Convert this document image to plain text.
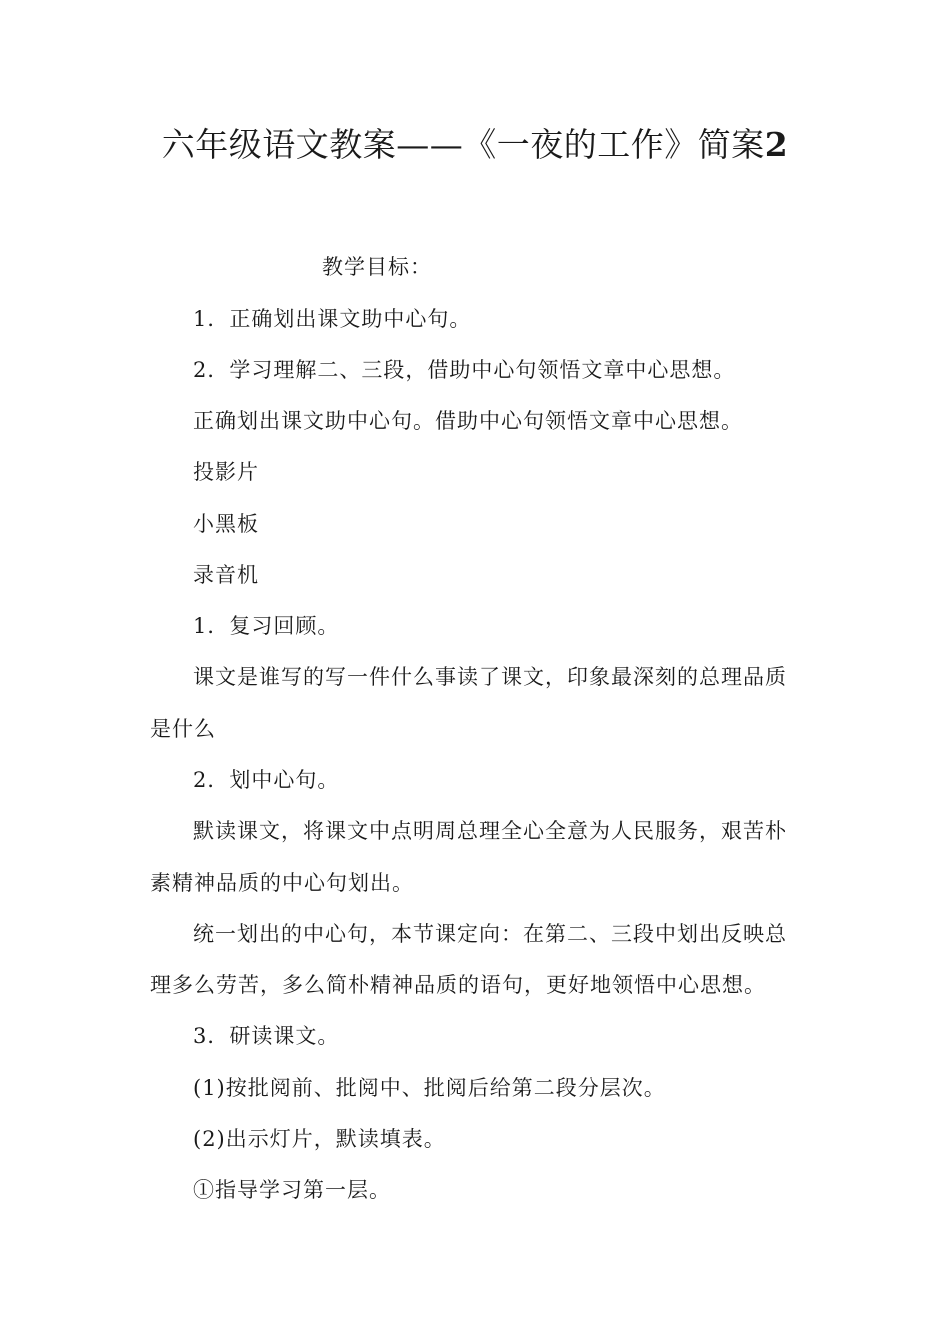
六年级语文教案——《一夜的工作》简案2
教学目标：
1．正确划出课文助中心句。
2．学习理解二、三段，借助中心句领悟文章中心思想。
正确划出课文助中心句。借助中心句领悟文章中心思想。
投影片
小黑板
录音机
1．复习回顾。
课文是谁写的写一件什么事读了课文，印象最深刻的总理品质
是什么
2．划中心句。
默读课文，将课文中点明周总理全心全意为人民服务，艰苦朴
素精神品质的中心句划出。
统一划出的中心句，本节课定向：在第二、三段中划出反映总
理多么劳苦，多么简朴精神品质的语句，更好地领悟中心思想。
3．研读课文。
(1)按批阅前、批阅中、批阅后给第二段分层次。
(2)出示灯片，默读填表。
①指导学习第一层。
